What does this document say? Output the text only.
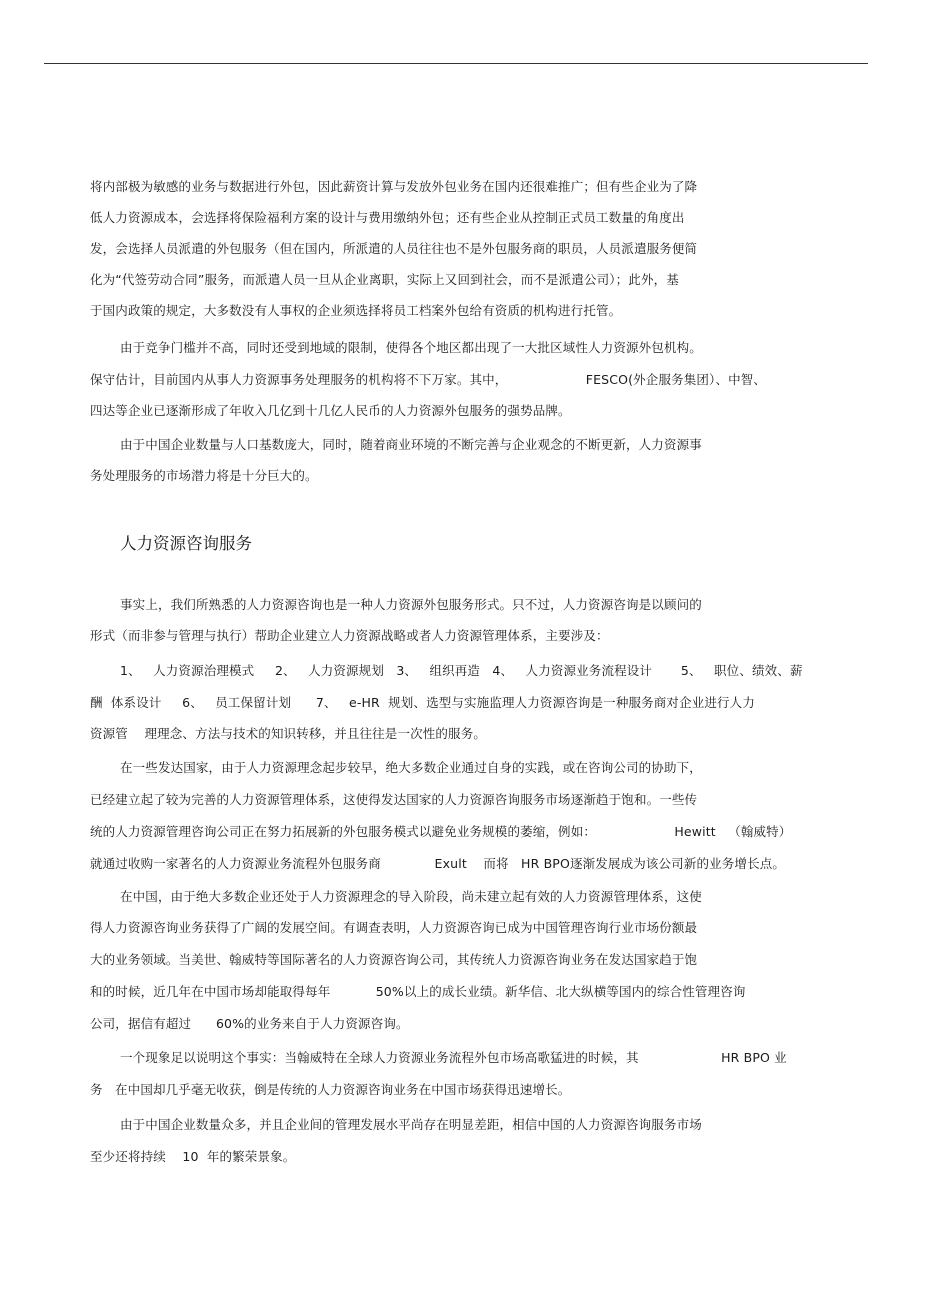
将内部极为敏感的业务与数据进行外包，因此薪资计算与发放外包业务在国内还很难推广；但有些企业为了降
低人力资源成本，会选择将保险福利方案的设计与费用缴纳外包；还有些企业从控制正式员工数量的角度出
发，会选择人员派遣的外包服务（但在国内，所派遣的人员往往也不是外包服务商的职员，人员派遣服务便简
化为“代签劳动合同”服务，而派遣人员一旦从企业离职，实际上又回到社会，而不是派遣公司）；此外，基
于国内政策的规定，大多数没有人事权的企业须选择将员工档案外包给有资质的机构进行托管。
由于竞争门槛并不高，同时还受到地域的限制，使得各个地区都出现了一大批区域性人力资源外包机构。
保守估计，目前国内从事人力资源事务处理服务的机构将不下万家。其中，                   FESCO(外企服务集团）、中智、
四达等企业已逐渐形成了年收入几亿到十几亿人民币的人力资源外包服务的强势品牌。
由于中国企业数量与人口基数庞大，同时，随着商业环境的不断完善与企业观念的不断更新，人力资源事
务处理服务的市场潜力将是十分巨大的。
人力资源咨询服务
事实上，我们所熟悉的人力资源咨询也是一种人力资源外包服务形式。只不过，人力资源咨询是以顾问的
形式（而非参与管理与执行）帮助企业建立人力资源战略或者人力资源管理体系，主要涉及：
1、   人力资源治理模式     2、   人力资源规划   3、   组织再造   4、   人力资源业务流程设计       5、   职位、绩效、薪
酬  体系设计     6、   员工保留计划      7、   e-HR  规划、选型与实施监理人力资源咨询是一种服务商对企业进行人力
资源管    理理念、方法与技术的知识转移，并且往往是一次性的服务。
在一些发达国家，由于人力资源理念起步较早，绝大多数企业通过自身的实践，或在咨询公司的协助下，
已经建立起了较为完善的人力资源管理体系，这使得发达国家的人力资源咨询服务市场逐渐趋于饱和。一些传
统的人力资源管理咨询公司正在努力拓展新的外包服务模式以避免业务规模的萎缩，例如：                   Hewitt   （翰威特）
就通过收购一家著名的人力资源业务流程外包服务商             Exult    而将   HR BPO逐渐发展成为该公司新的业务增长点。
在中国，由于绝大多数企业还处于人力资源理念的导入阶段，尚未建立起有效的人力资源管理体系，这使
得人力资源咨询业务获得了广阔的发展空间。有调查表明，人力资源咨询已成为中国管理咨询行业市场份额最
大的业务领域。当美世、翰威特等国际著名的人力资源咨询公司，其传统人力资源咨询业务在发达国家趋于饱
和的时候，近几年在中国市场却能取得每年           50%以上的成长业绩。新华信、北大纵横等国内的综合性管理咨询
公司，据信有超过      60%的业务来自于人力资源咨询。
一个现象足以说明这个事实：当翰威特在全球人力资源业务流程外包市场高歌猛进的时候，其                    HR BPO 业
务   在中国却几乎毫无收获，倒是传统的人力资源咨询业务在中国市场获得迅速增长。
由于中国企业数量众多，并且企业间的管理发展水平尚存在明显差距，相信中国的人力资源咨询服务市场
至少还将持续    10  年的繁荣景象。
